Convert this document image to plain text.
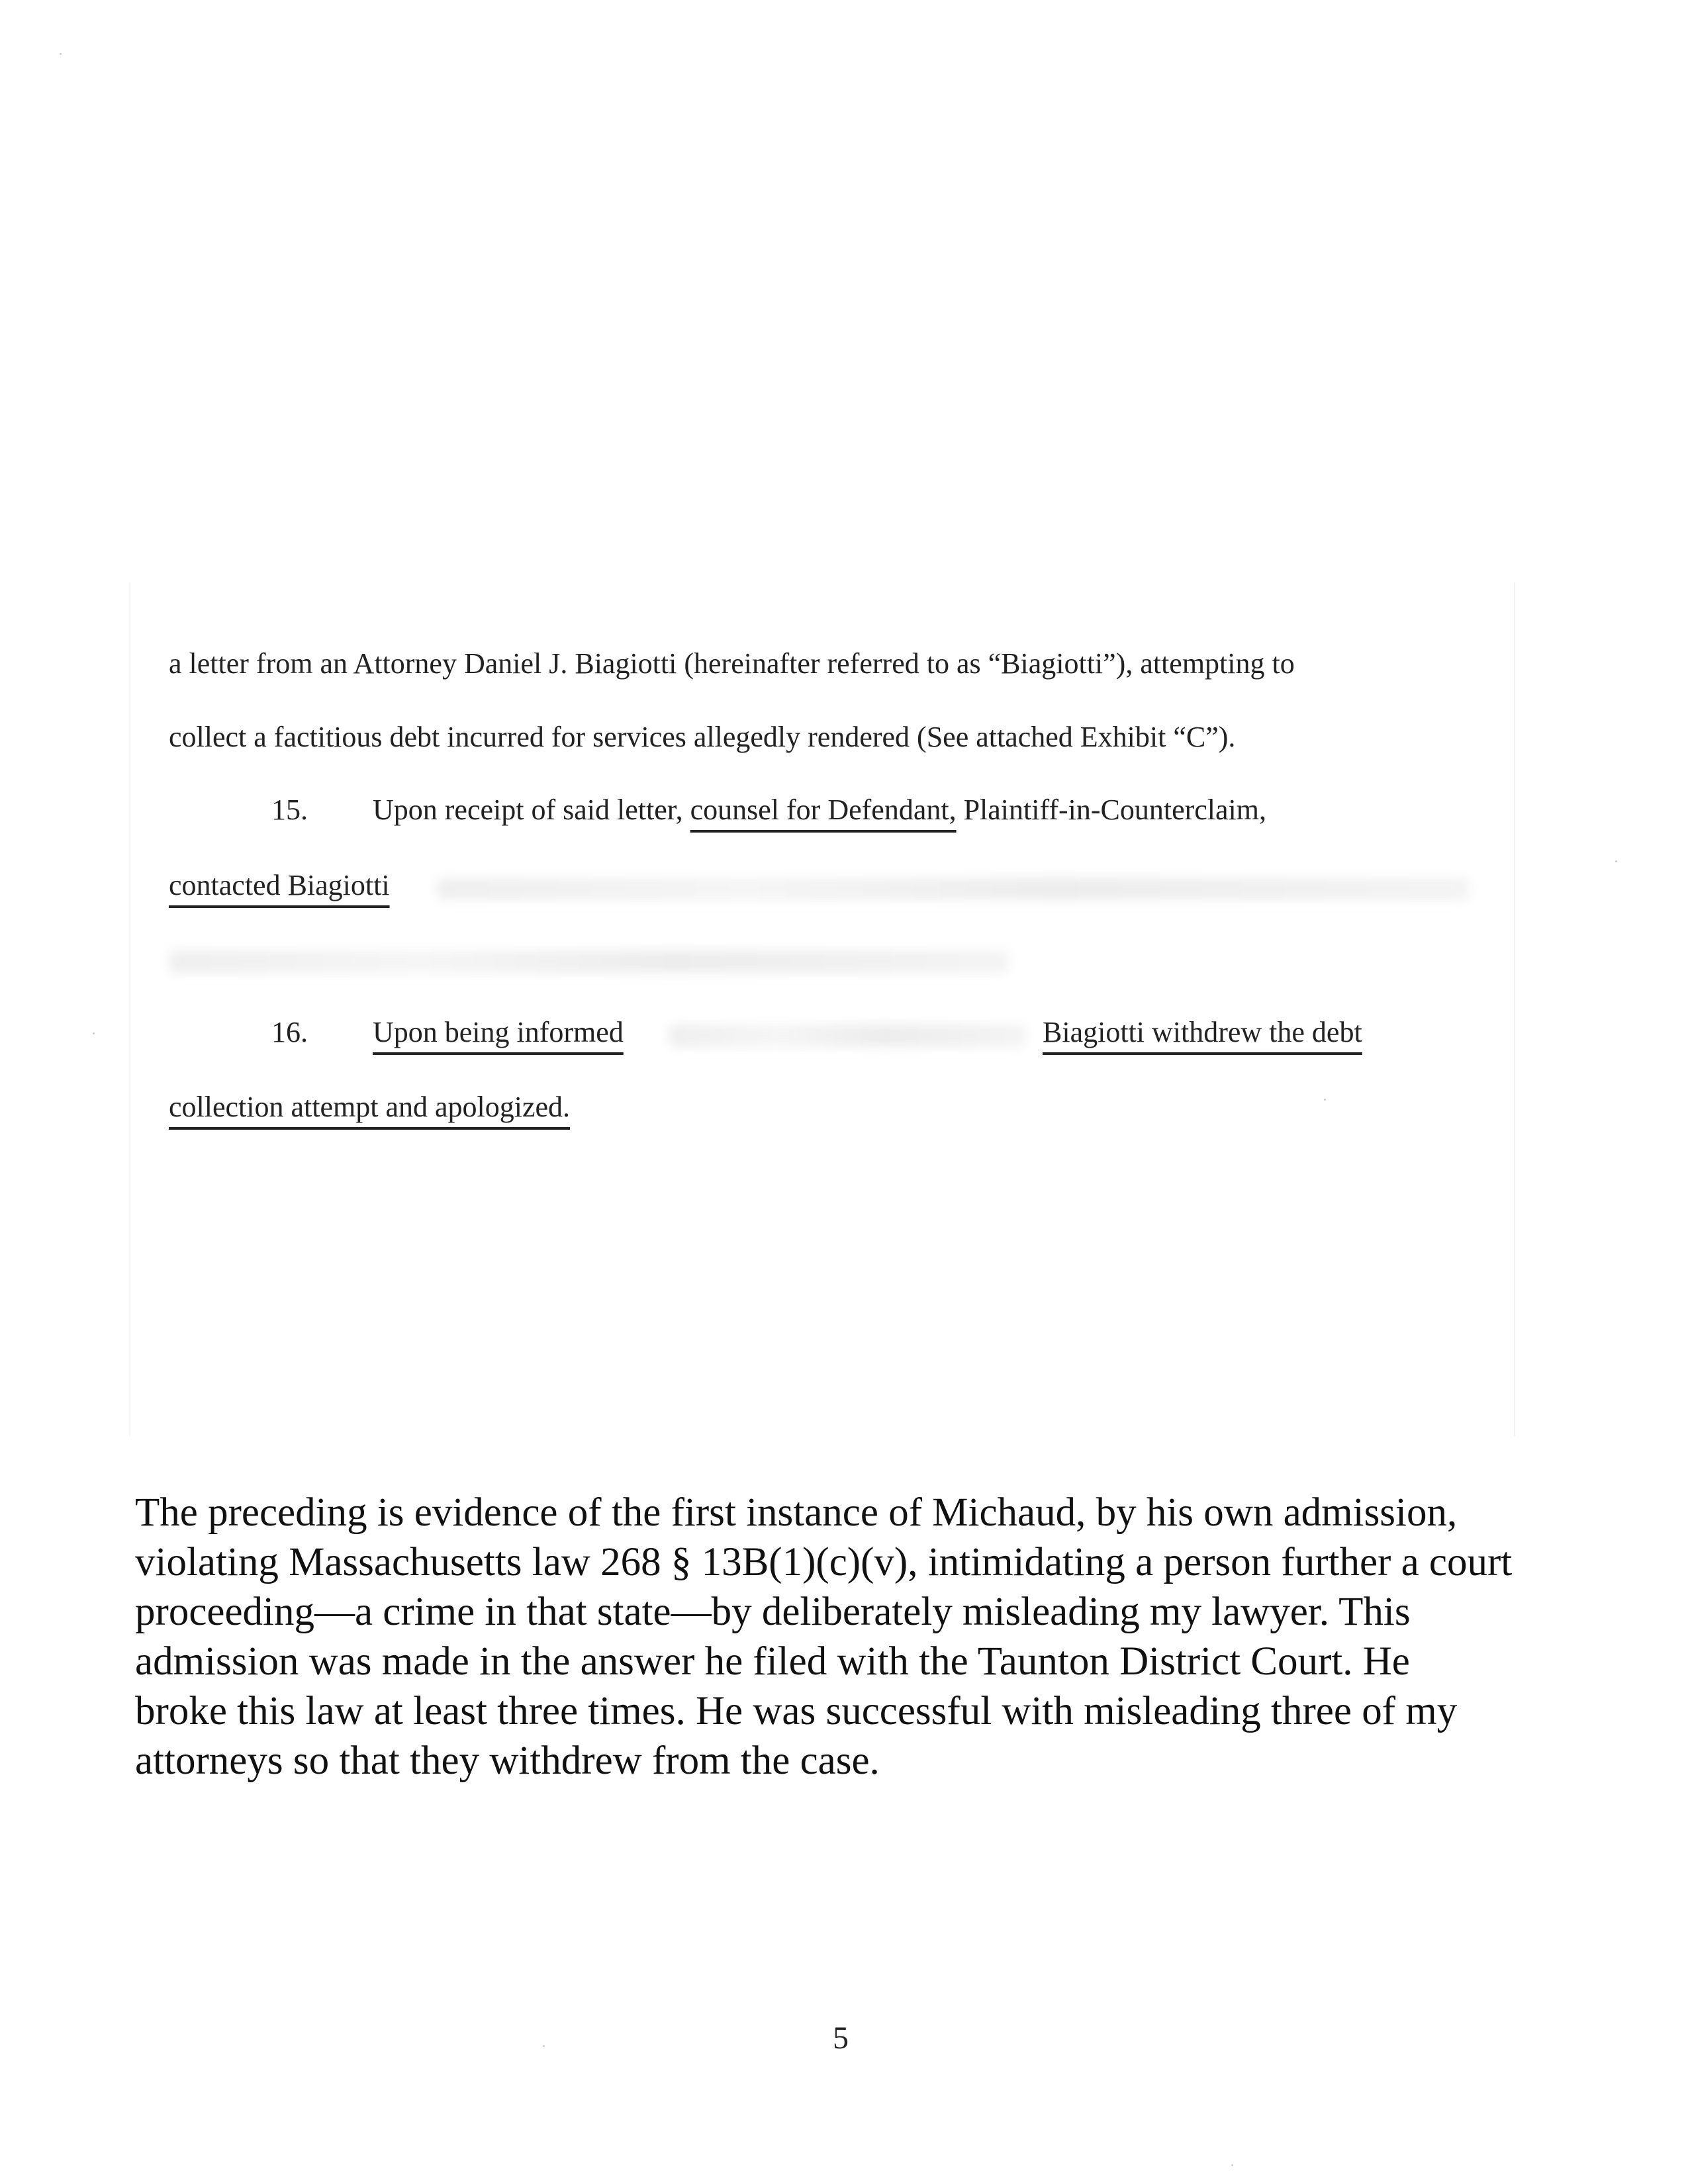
a letter from an Attorney Daniel J. Biagiotti (hereinafter referred to as “Biagiotti”), attempting to
collect a factitious debt incurred for services allegedly rendered (See attached Exhibit “C”).
15. Upon receipt of said letter, counsel for Defendant, Plaintiff-in-Counterclaim,
contacted Biagiotti
16. Upon being informed	Biagiotti withdrew the debt
collection attempt and apologized.
The preceding is evidence of the first instance of Michaud, by his own admission,
violating Massachusetts law 268 § 13B(1)(c)(v), intimidating a person further a court
proceeding—a crime in that state—by deliberately misleading my lawyer. This
admission was made in the answer he filed with the Taunton District Court. He
broke this law at least three times. He was successful with misleading three of my
attorneys so that they withdrew from the case.
5
